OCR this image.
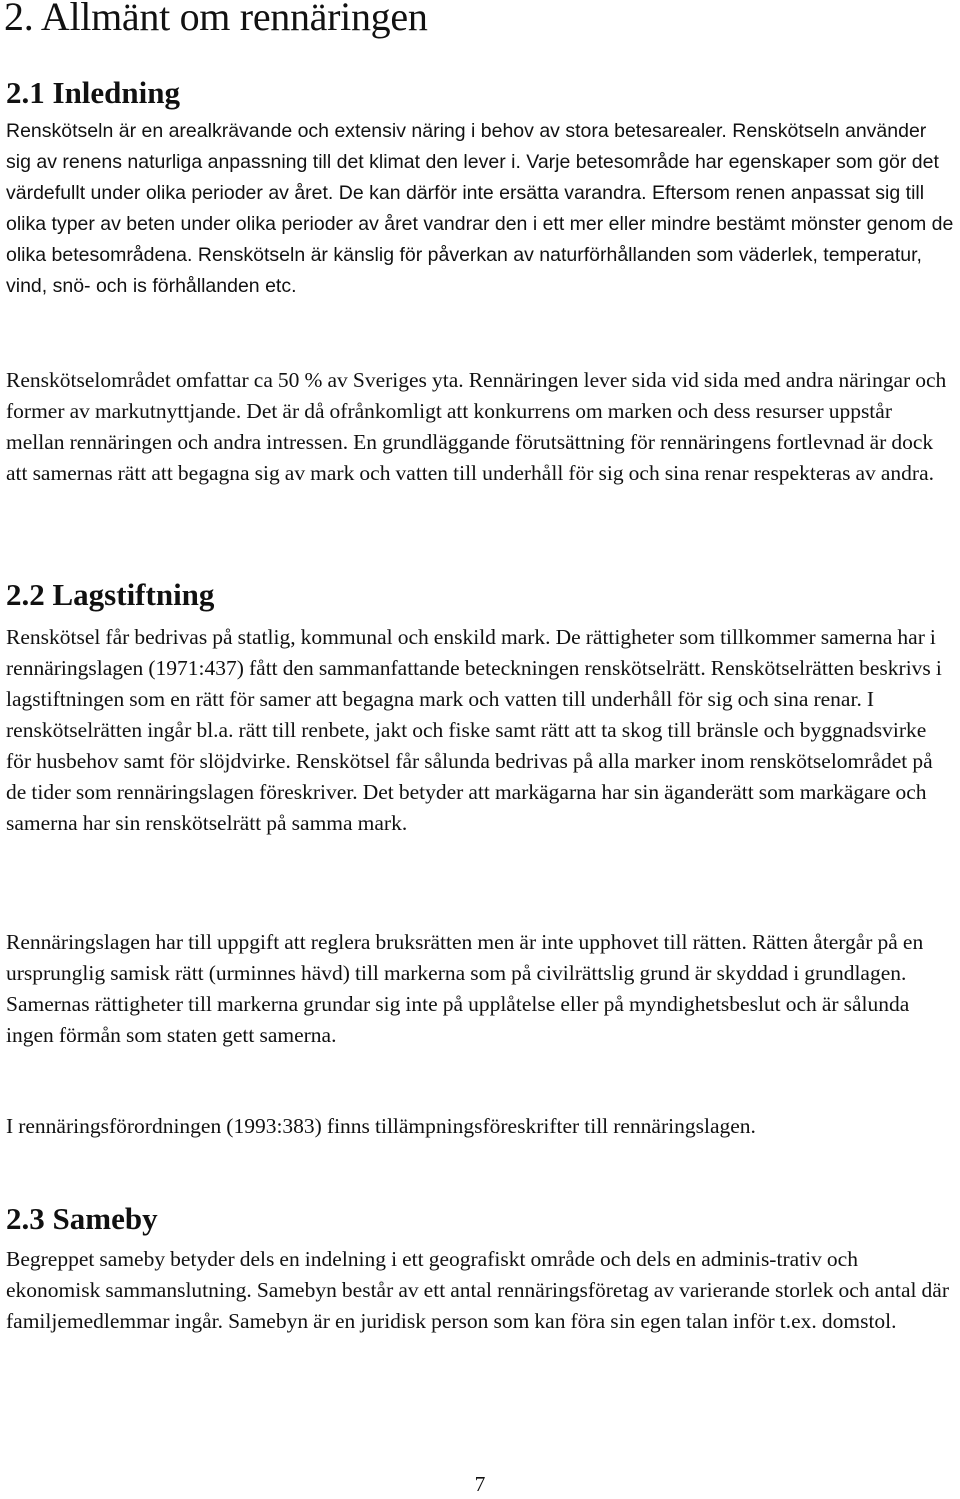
2. Allmänt om rennäringen
2.1 Inledning

Renskötseln är en arealkrävande och extensiv näring i behov av stora betesarealer. Renskötseln använder sig av renens naturliga anpassning till det klimat den lever i. Varje betesområde har egenskaper som gör det värdefullt under olika perioder av året. De kan därför inte ersätta varandra. Eftersom renen anpassat sig till olika typer av beten under olika perioder av året vandrar den i ett mer eller mindre bestämt mönster genom de olika betesområdena. Renskötseln är känslig för påverkan av naturförhållanden som väderlek, temperatur, vind, snö- och is förhållanden etc.

Renskötselområdet omfattar ca 50 % av Sveriges yta. Rennäringen lever sida vid sida med andra näringar och former av markutnyttjande. Det är då ofrånkomligt att konkurrens om marken och dess resurser uppstår mellan rennäringen och andra intressen. En grundläggande förutsättning för rennäringens fortlevnad är dock att samernas rätt att begagna sig av mark och vatten till underhåll för sig och sina renar respekteras av andra.

2.2 Lagstiftning

Renskötsel får bedrivas på statlig, kommunal och enskild mark. De rättigheter som tillkommer samerna har i rennäringslagen (1971:437) fått den sammanfattande beteckningen renskötselrätt. Renskötselrätten beskrivs i lagstiftningen som en rätt för samer att begagna mark och vatten till underhåll för sig och sina renar. I renskötselrätten ingår bl.a. rätt till renbete, jakt och fiske samt rätt att ta skog till bränsle och byggnadsvirke för husbehov samt för slöjdvirke. Renskötsel får sålunda bedrivas på alla marker inom renskötselområdet på de tider som rennäringslagen föreskriver. Det betyder att markägarna har sin äganderätt som markägare och samerna har sin renskötselrätt på samma mark.

Rennäringslagen har till uppgift att reglera bruksrätten men är inte upphovet till rätten. Rätten återgår på en ursprunglig samisk rätt (urminnes hävd) till markerna som på civilrättslig grund är skyddad i grundlagen. Samernas rättigheter till markerna grundar sig inte på upplåtelse eller på myndighetsbeslut och är sålunda ingen förmån som staten gett samerna.

I rennäringsförordningen (1993:383) finns tillämpningsföreskrifter till rennäringslagen.

2.3 Sameby

Begreppet sameby betyder dels en indelning i ett geografiskt område och dels en adminis-trativ och ekonomisk sammanslutning. Samebyn består av ett antal rennäringsföretag av varierande storlek och antal där familjemedlemmar ingår. Samebyn är en juridisk person som kan föra sin egen talan inför t.ex. domstol.

7
